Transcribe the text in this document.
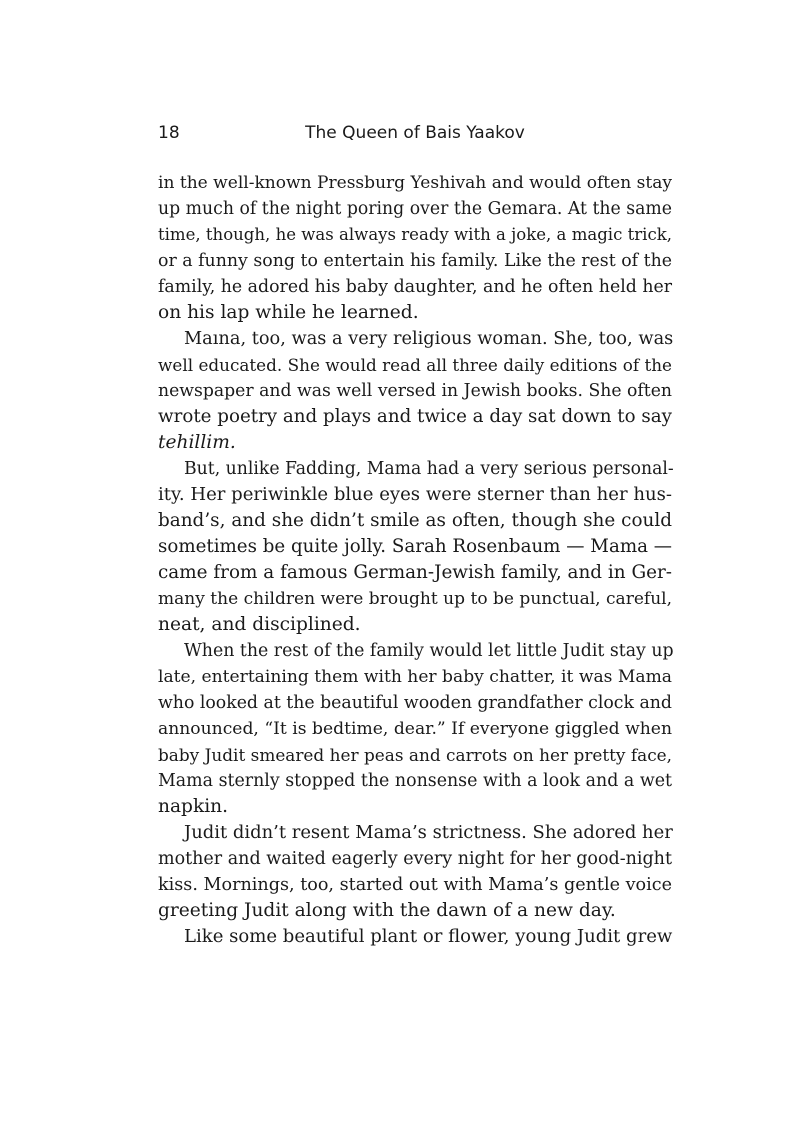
18	The Queen of Bais Yaakov
in the well-known Pressburg Yeshivah and would often stay
up much of the night poring over the Gemara. At the same
time, though, he was always ready with a joke, a magic trick,
or a funny song to entertain his family. Like the rest of the
family, he adored his baby daughter, and he often held her
on his lap while he learned.
Maına, too, was a very religious woman. She, too, was
well educated. She would read all three daily editions of the
newspaper and was well versed in Jewish books. She often
wrote poetry and plays and twice a day sat down to say
tehillim.
But, unlike Fadding, Mama had a very serious personal-
ity. Her periwinkle blue eyes were sterner than her hus-
band’s, and she didn’t smile as often, though she could
sometimes be quite jolly. Sarah Rosenbaum — Mama —
came from a famous German-Jewish family, and in Ger-
many the children were brought up to be punctual, careful,
neat, and disciplined.
When the rest of the family would let little Judit stay up
late, entertaining them with her baby chatter, it was Mama
who looked at the beautiful wooden grandfather clock and
announced, “It is bedtime, dear.” If everyone giggled when
baby Judit smeared her peas and carrots on her pretty face,
Mama sternly stopped the nonsense with a look and a wet
napkin.
Judit didn’t resent Mama’s strictness. She adored her
mother and waited eagerly every night for her good-night
kiss. Mornings, too, started out with Mama’s gentle voice
greeting Judit along with the dawn of a new day.
Like some beautiful plant or flower, young Judit grew
